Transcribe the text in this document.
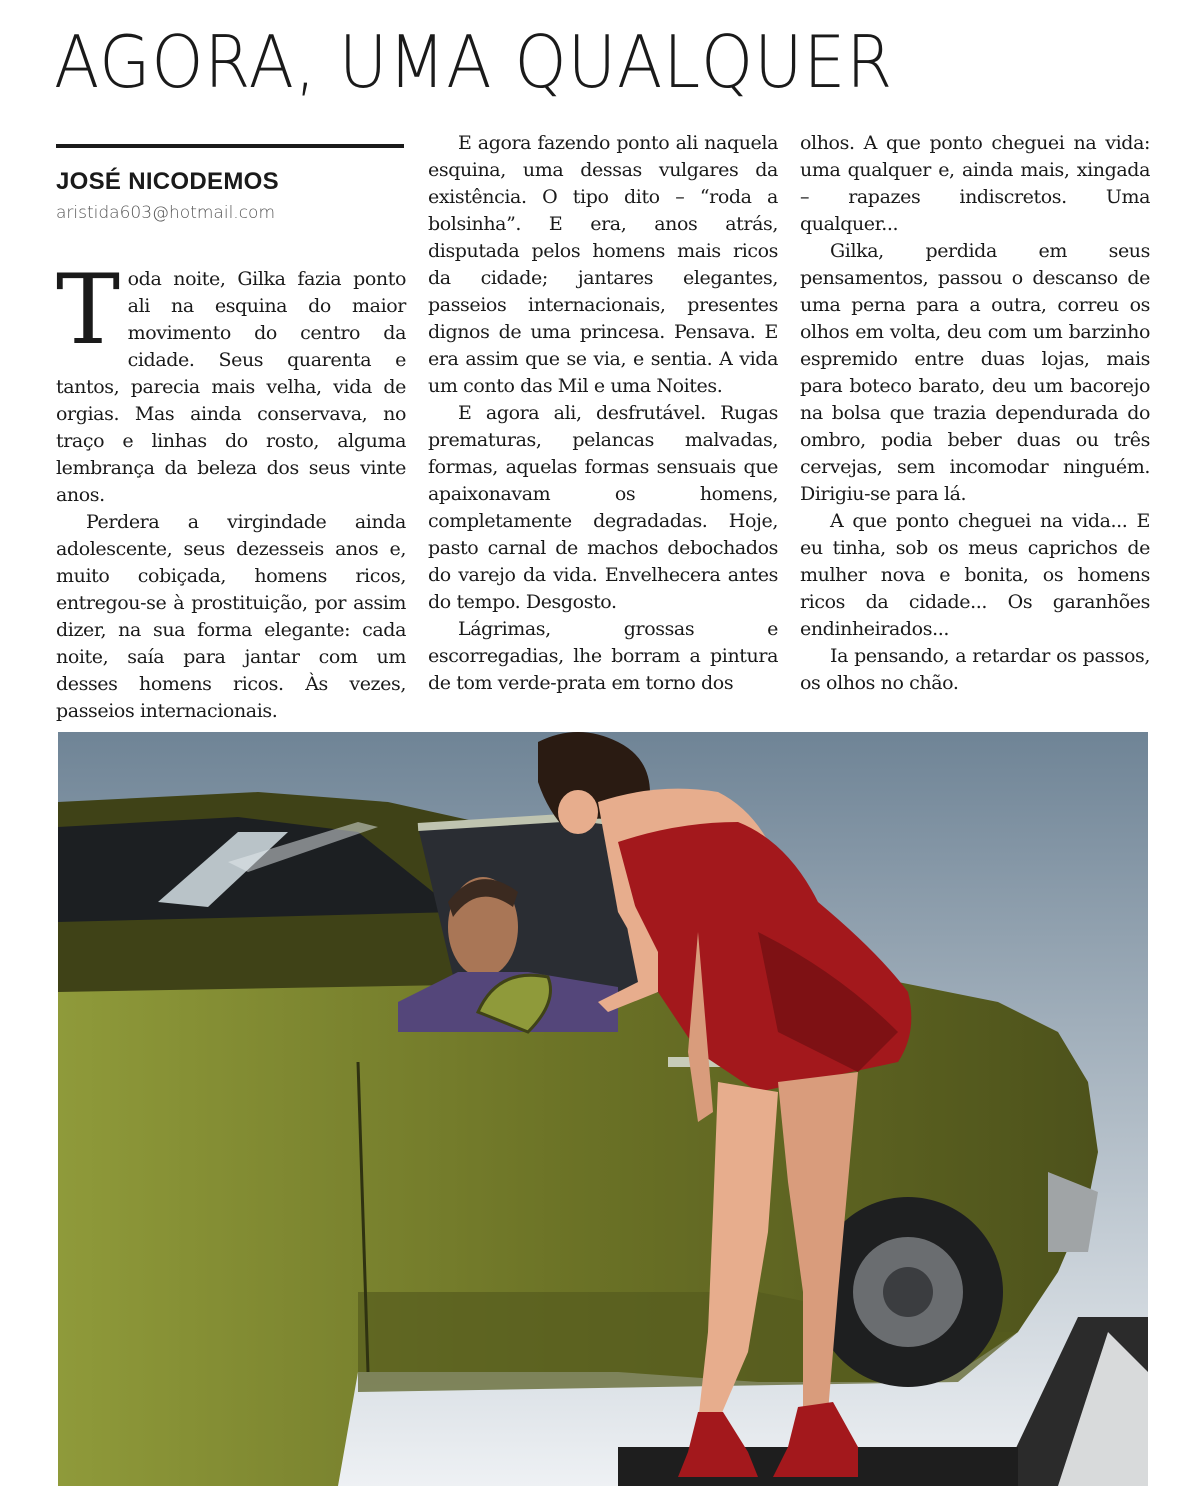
AGORA, UMA QUALQUER
JOSÉ NICODEMOS
aristida603@hotmail.com

Toda noite, Gilka fazia ponto ali na esquina do maior movimento do centro da cidade. Seus quarenta e tantos, parecia mais velha, vida de orgias. Mas ainda conservava, no traço e linhas do rosto, alguma lembrança da beleza dos seus vinte anos.

Perdera a virgindade ainda adolescente, seus dezesseis anos e, muito cobiçada, homens ricos, entregou-se à prostituição, por assim dizer, na sua forma elegante: cada noite, saía para jantar com um desses homens ricos. Às vezes, passeios internacionais.

E agora fazendo ponto ali naquela esquina, uma dessas vulgares da existência. O tipo dito – “roda a bolsinha”. E era, anos atrás, disputada pelos homens mais ricos da cidade; jantares elegantes, passeios internacionais, presentes dignos de uma princesa. Pensava. E era assim que se via, e sentia. A vida um conto das Mil e uma Noites.

E agora ali, desfrutável. Rugas prematuras, pelancas malvadas, formas, aquelas formas sensuais que apaixonavam os homens, completamente degradadas. Hoje, pasto carnal de machos debochados do varejo da vida. Envelhecera antes do tempo. Desgosto.

Lágrimas, grossas e escorregadias, lhe borram a pintura de tom verde-prata em torno dos

olhos. A que ponto cheguei na vida: uma qualquer e, ainda mais, xingada – rapazes indiscretos. Uma qualquer...

Gilka, perdida em seus pensamentos, passou o descanso de uma perna para a outra, correu os olhos em volta, deu com um barzinho espremido entre duas lojas, mais para boteco barato, deu um bacorejo na bolsa que trazia dependurada do ombro, podia beber duas ou três cervejas, sem incomodar ninguém. Dirigiu-se para lá.

A que ponto cheguei na vida... E eu tinha, sob os meus caprichos de mulher nova e bonita, os homens ricos da cidade... Os garanhões endinheirados...

Ia pensando, a retardar os passos, os olhos no chão.
